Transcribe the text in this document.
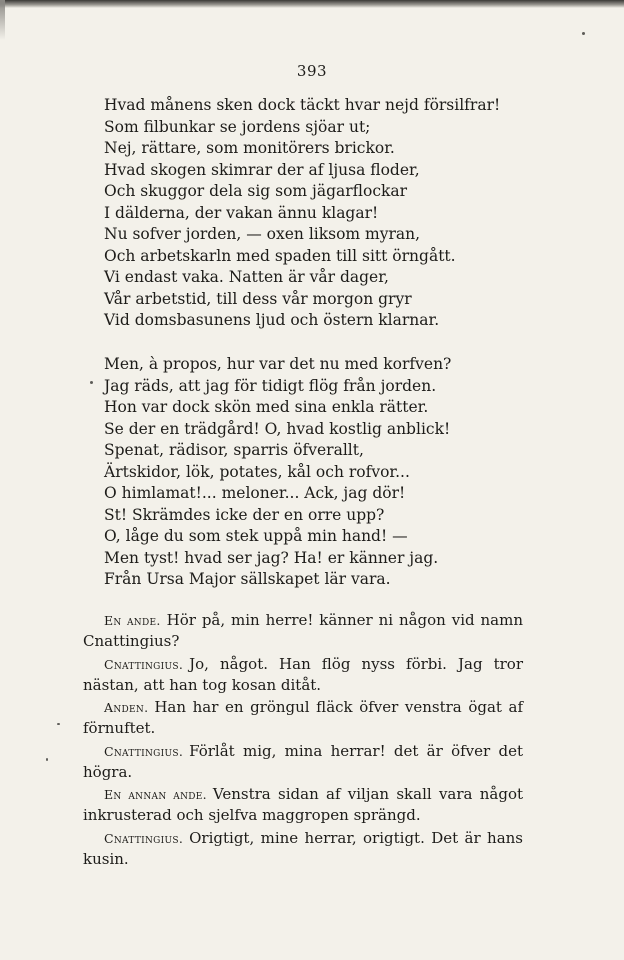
393
Hvad månens sken dock täckt hvar nejd försilfrar!
Som filbunkar se jordens sjöar ut;
Nej, rättare, som monitörers brickor.
Hvad skogen skimrar der af ljusa floder,
Och skuggor dela sig som jägarflockar
I dälderna, der vakan ännu klagar!
Nu sofver jorden, — oxen liksom myran,
Och arbetskarln med spaden till sitt örngått.
Vi endast vaka. Natten är vår dager,
Vår arbetstid, till dess vår morgon gryr
Vid domsbasunens ljud och östern klarnar.
Men, à propos, hur var det nu med korfven?
Jag räds, att jag för tidigt flög från jorden.
Hon var dock skön med sina enkla rätter.
Se der en trädgård! O, hvad kostlig anblick!
Spenat, rädisor, sparris öfverallt,
Ärtskidor, lök, potates, kål och rofvor...
O himlamat!... meloner... Ack, jag dör!
St! Skrämdes icke der en orre upp?
O, låge du som stek uppå min hand! —
Men tyst! hvad ser jag? Ha! er känner jag.
Från Ursa Major sällskapet lär vara.

En ande. Hör på, min herre! känner ni någon vid namn Cnattingius?

Cnattingius. Jo, något. Han flög nyss förbi. Jag tror nästan, att han tog kosan ditåt.

Anden. Han har en gröngul fläck öfver venstra ögat af förnuftet.

Cnattingius. Förlåt mig, mina herrar! det är öfver det högra.

En annan ande. Venstra sidan af viljan skall vara något inkrusterad och sjelfva maggropen sprängd.

Cnattingius. Origtigt, mine herrar, origtigt. Det är hans kusin.
